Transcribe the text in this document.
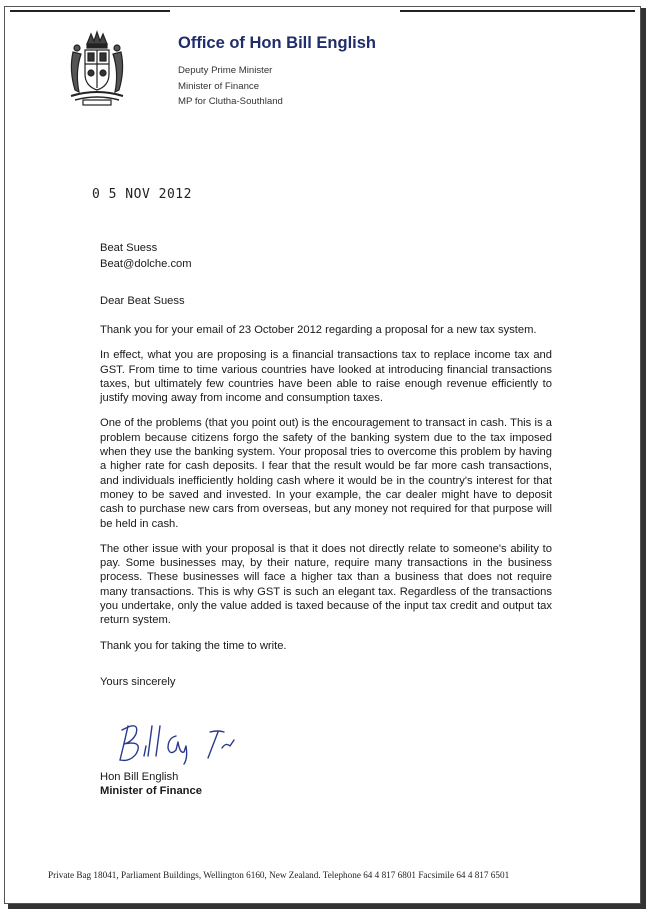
Office of Hon Bill English
Deputy Prime Minister
Minister of Finance
MP for Clutha-Southland
0 5 NOV 2012
Beat Suess
Beat@dolche.com
Dear Beat Suess

Thank you for your email of 23 October 2012 regarding a proposal for a new tax system.

In effect, what you are proposing is a financial transactions tax to replace income tax and GST. From time to time various countries have looked at introducing financial transactions taxes, but ultimately few countries have been able to raise enough revenue efficiently to justify moving away from income and consumption taxes.

One of the problems (that you point out) is the encouragement to transact in cash. This is a problem because citizens forgo the safety of the banking system due to the tax imposed when they use the banking system. Your proposal tries to overcome this problem by having a higher rate for cash deposits. I fear that the result would be far more cash transactions, and individuals inefficiently holding cash where it would be in the country's interest for that money to be saved and invested. In your example, the car dealer might have to deposit cash to purchase new cars from overseas, but any money not required for that purpose will be held in cash.

The other issue with your proposal is that it does not directly relate to someone's ability to pay. Some businesses may, by their nature, require many transactions in the business process. These businesses will face a higher tax than a business that does not require many transactions. This is why GST is such an elegant tax. Regardless of the transactions you undertake, only the value added is taxed because of the input tax credit and output tax return system.

Thank you for taking the time to write.

Yours sincerely
Hon Bill English
Minister of Finance
Private Bag 18041, Parliament Buildings, Wellington 6160, New Zealand. Telephone 64 4 817 6801 Facsimile 64 4 817 6501
